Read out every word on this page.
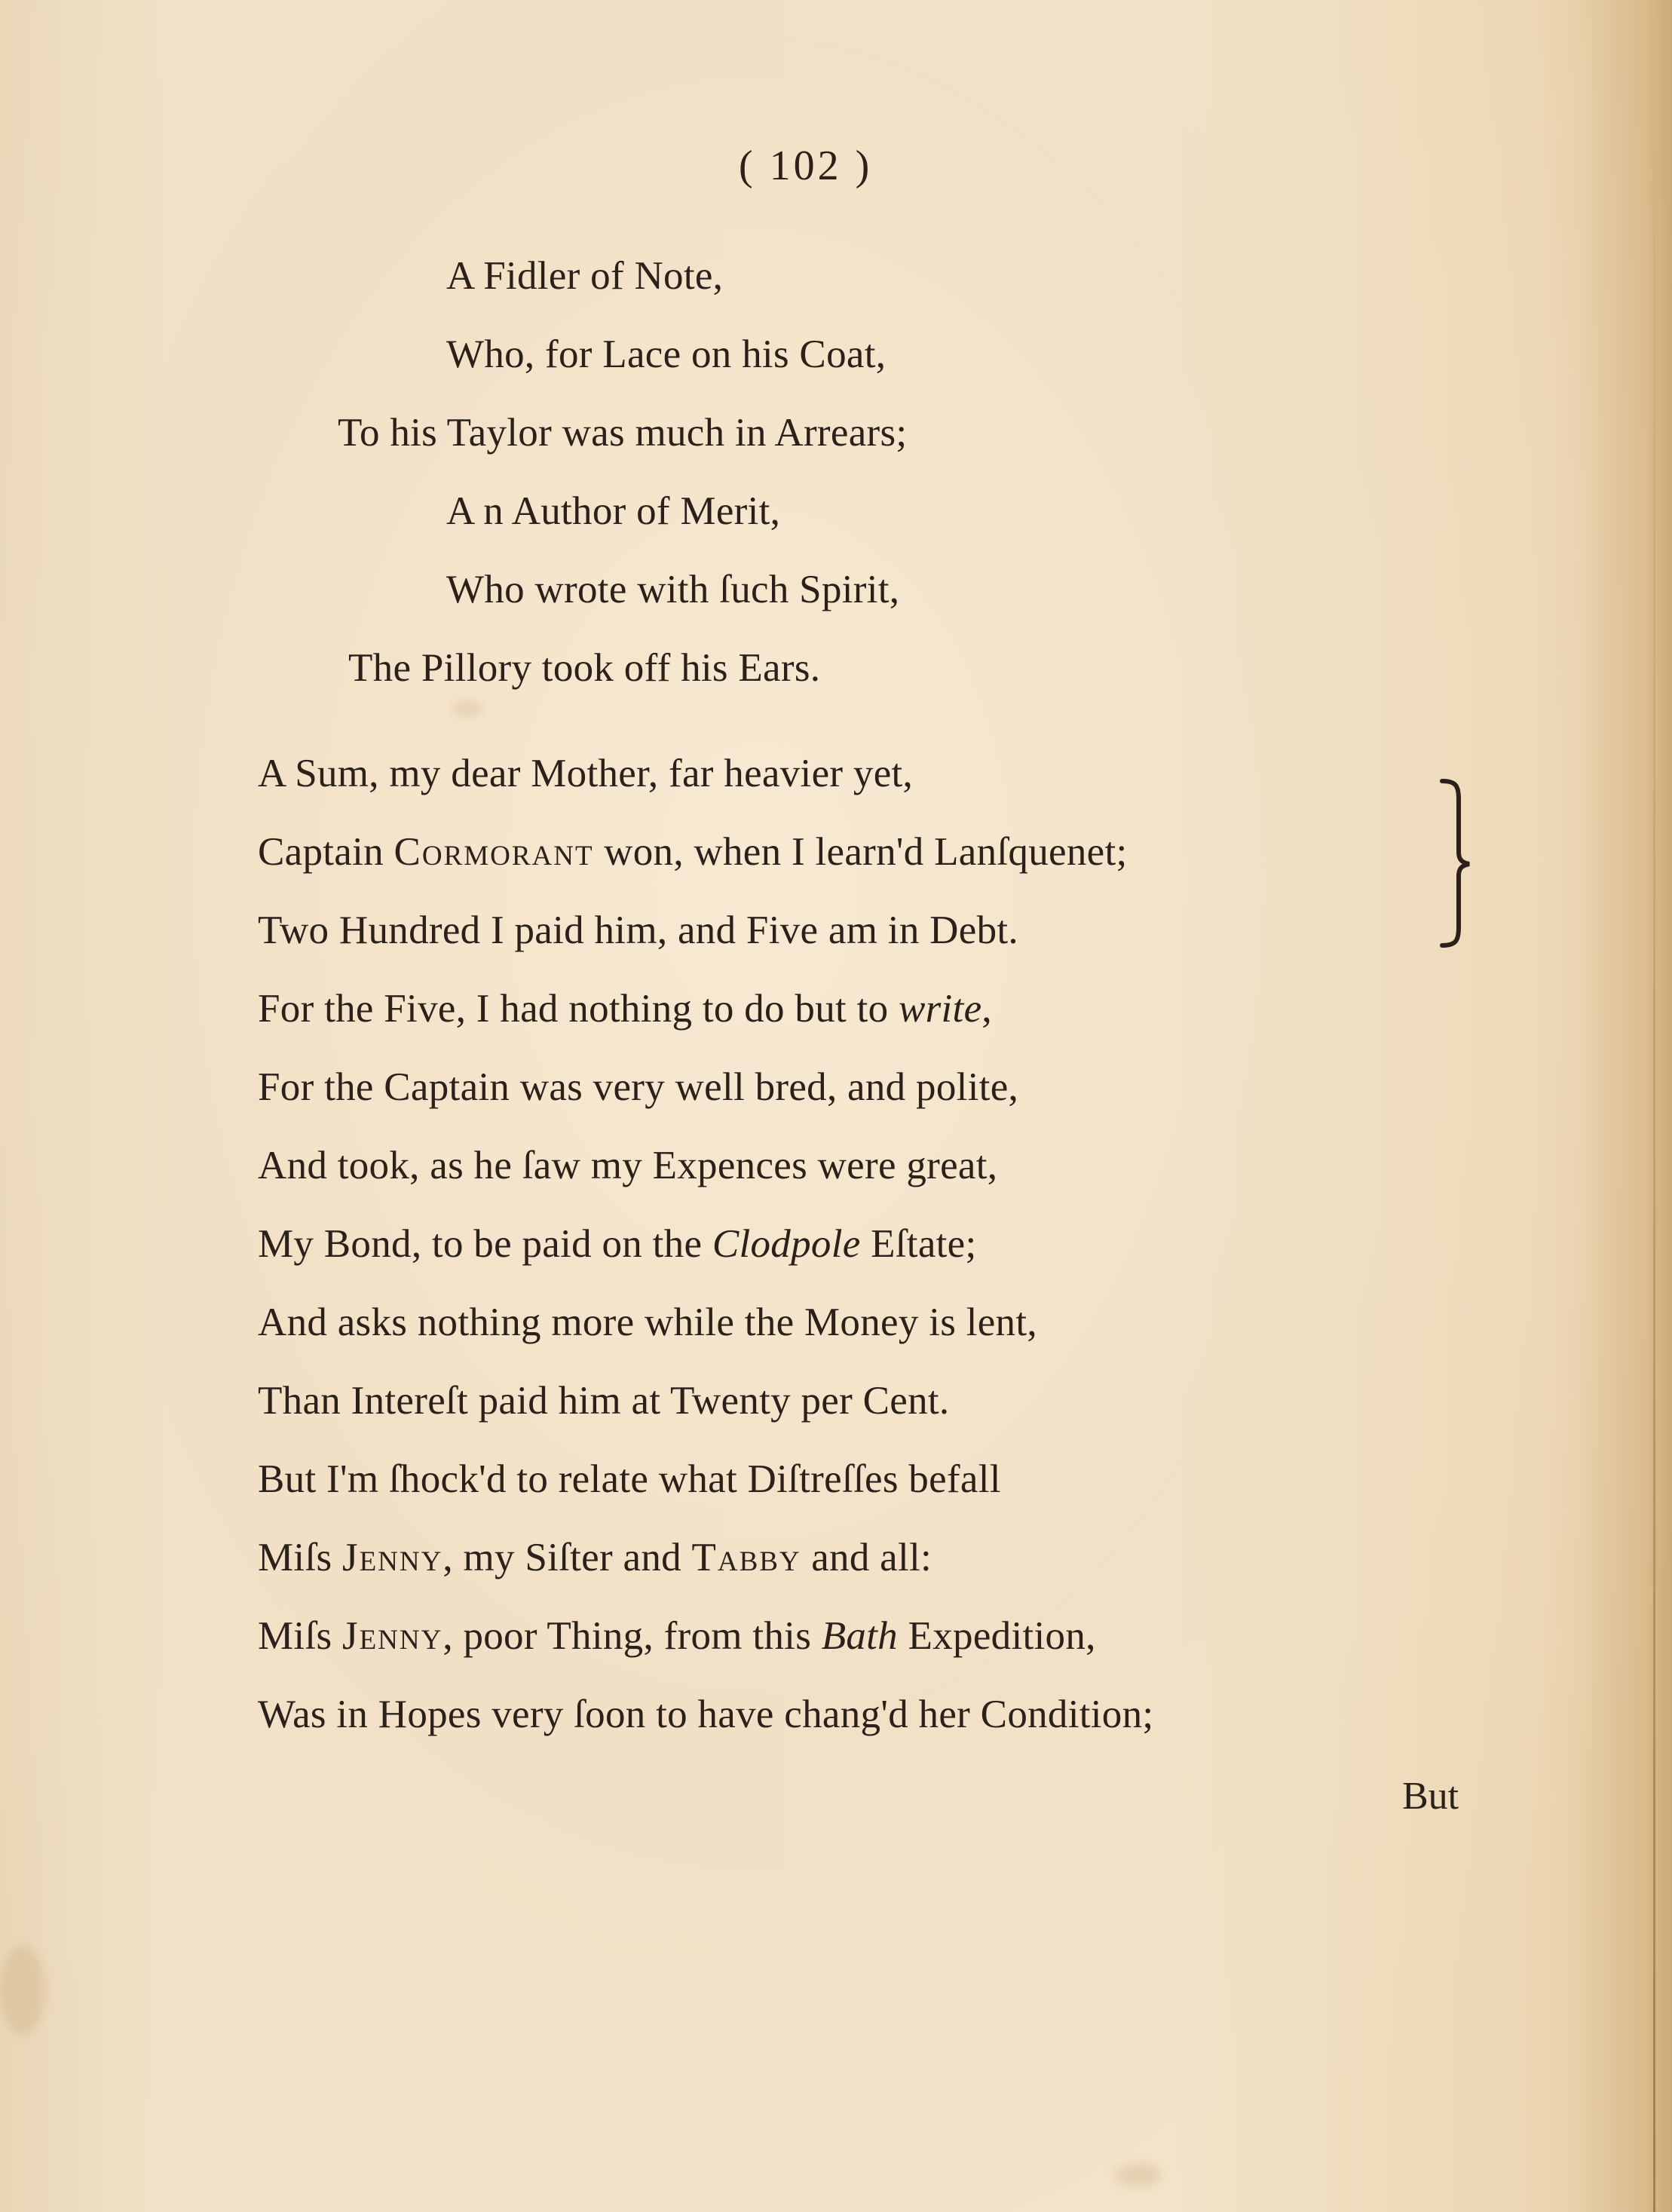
( 102 )
A Fidler of Note,
Who, for Lace on his Coat,
To his Taylor was much in Arrears;
A n Author of Merit,
Who wrote with ſuch Spirit,
The Pillory took off his Ears.
A Sum, my dear Mother, far heavier yet,
Captain Cormorant won, when I learn'd Lanſquenet;
Two Hundred I paid him, and Five am in Debt.
For the Five, I had nothing to do but to write,
For the Captain was very well bred, and polite,
And took, as he ſaw my Expences were great,
My Bond, to be paid on the Clodpole Eſtate;
And asks nothing more while the Money is lent,
Than Intereſt paid him at Twenty per Cent.
But I'm ſhock'd to relate what Diſtreſſes befall
Miſs Jenny, my Siſter and Tabby and all:
Miſs Jenny, poor Thing, from this Bath Expedition,
Was in Hopes very ſoon to have chang'd her Condition;
But
